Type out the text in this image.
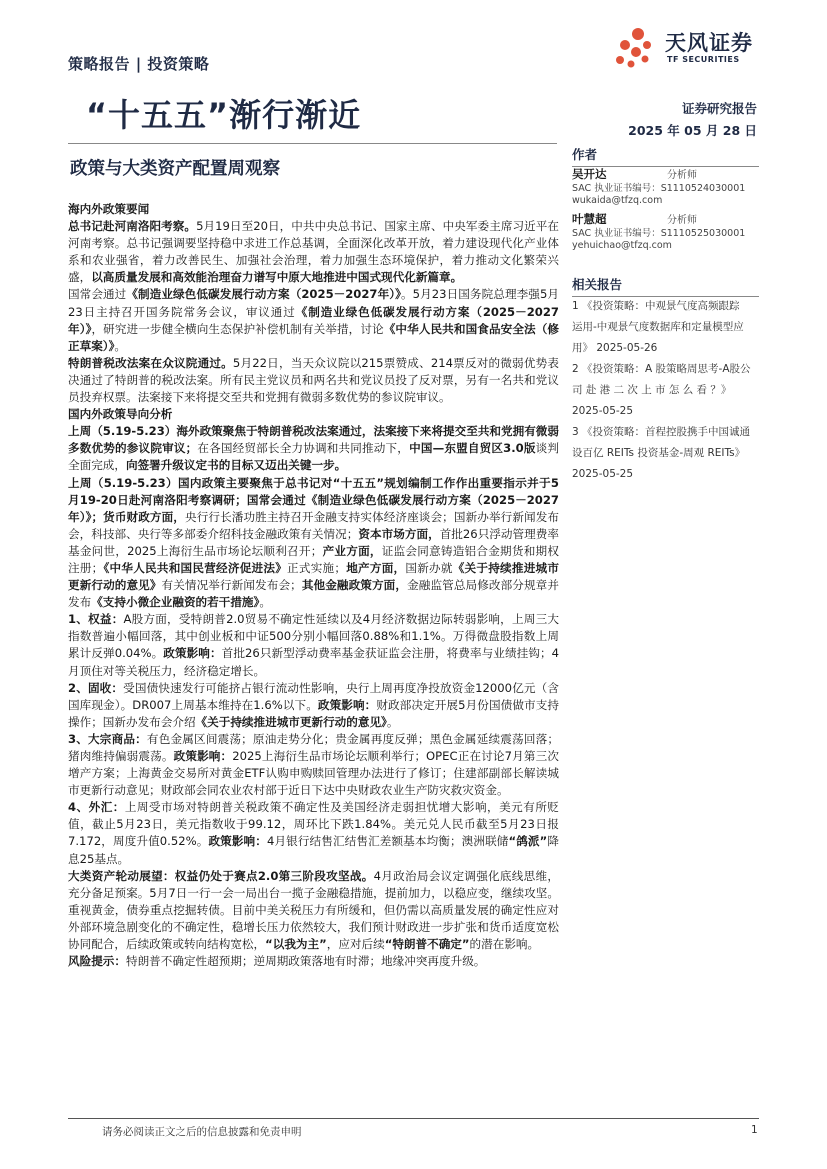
策略报告 | 投资策略
天风证券
TF SECURITIES
“十五五”渐行渐近	证券研究报告
2025 年 05 月 28 日
政策与大类资产配置周观察
作者
吴开达	分析师
SAC 执业证书编号：S1110524030001
wukaida@tfzq.com
叶慧超	分析师
SAC 执业证书编号：S1110525030001
yehuichao@tfzq.com
相关报告
1 《投资策略：中观景气度高频跟踪
运用-中观景气度数据库和定量模型应
用》 2025-05-26
2 《投资策略：A 股策略周思考-A股公
司 赴 港 二 次 上 市 怎 么 看 ？》
2025-05-25
3 《投资策略：首程控股携手中国诚通
设百亿 REITs 投资基金-周观 REITs》
2025-05-25

海内外政策要闻

总书记赴河南洛阳考察。5月19日至20日，中共中央总书记、国家主席、中央军委主席习近平在河南考察。总书记强调要坚持稳中求进工作总基调，全面深化改革开放，着力建设现代化产业体系和农业强省，着力改善民生、加强社会治理，着力加强生态环境保护，着力推动文化繁荣兴盛，以高质量发展和高效能治理奋力谱写中原大地推进中国式现代化新篇章。

国常会通过《制造业绿色低碳发展行动方案（2025－2027年）》。5月23日国务院总理李强5月23日主持召开国务院常务会议，审议通过《制造业绿色低碳发展行动方案（2025－2027年）》，研究进一步健全横向生态保护补偿机制有关举措，讨论《中华人民共和国食品安全法（修正草案）》。

特朗普税改法案在众议院通过。5月22日，当天众议院以215票赞成、214票反对的微弱优势表决通过了特朗普的税改法案。所有民主党议员和两名共和党议员投了反对票，另有一名共和党议员投弃权票。法案接下来将提交至共和党拥有微弱多数优势的参议院审议。

国内外政策导向分析

上周（5.19-5.23）海外政策聚焦于特朗普税改法案通过，法案接下来将提交至共和党拥有微弱多数优势的参议院审议；在各国经贸部长全力协调和共同推动下，中国—东盟自贸区3.0版谈判全面完成，向签署升级议定书的目标又迈出关键一步。

上周（5.19-5.23）国内政策主要聚焦于总书记对“十五五”规划编制工作作出重要指示并于5月19-20日赴河南洛阳考察调研；国常会通过《制造业绿色低碳发展行动方案（2025－2027年）》；货币财政方面，央行行长潘功胜主持召开金融支持实体经济座谈会；国新办举行新闻发布会，科技部、央行等多部委介绍科技金融政策有关情况；资本市场方面，首批26只浮动管理费率基金问世，2025上海衍生品市场论坛顺利召开；产业方面，证监会同意铸造铝合金期货和期权注册；《中华人民共和国民营经济促进法》正式实施；地产方面，国新办就《关于持续推进城市更新行动的意见》有关情况举行新闻发布会；其他金融政策方面，金融监管总局修改部分规章并发布《支持小微企业融资的若干措施》。

1、权益：A股方面，受特朗普2.0贸易不确定性延续以及4月经济数据边际转弱影响，上周三大指数普遍小幅回落，其中创业板和中证500分别小幅回落0.88%和1.1%。万得微盘股指数上周累计反弹0.04%。政策影响：首批26只新型浮动费率基金获证监会注册，将费率与业绩挂钩；4月顶住对等关税压力，经济稳定增长。

2、固收：受国债快速发行可能挤占银行流动性影响，央行上周再度净投放资金12000亿元（含国库现金）。DR007上周基本维持在1.6%以下。政策影响：财政部决定开展5月份国债做市支持操作；国新办发布会介绍《关于持续推进城市更新行动的意见》。

3、大宗商品：有色金属区间震荡；原油走势分化；贵金属再度反弹；黑色金属延续震荡回落；猪肉维持偏弱震荡。政策影响：2025上海衍生品市场论坛顺利举行；OPEC正在讨论7月第三次增产方案；上海黄金交易所对黄金ETF认购申购赎回管理办法进行了修订；住建部副部长解读城市更新行动意见；财政部会同农业农村部于近日下达中央财政农业生产防灾救灾资金。

4、外汇：上周受市场对特朗普关税政策不确定性及美国经济走弱担忧增大影响，美元有所贬值，截止5月23日，美元指数收于99.12，周环比下跌1.84%。美元兑人民币截至5月23日报7.172，周度升值0.52%。政策影响：4月银行结售汇结售汇差额基本均衡；澳洲联储“鸽派”降息25基点。

大类资产轮动展望：权益仍处于赛点2.0第三阶段攻坚战。4月政治局会议定调强化底线思维，充分备足预案。5月7日一行一会一局出台一揽子金融稳措施，提前加力，以稳应变，继续攻坚。重视黄金，债券重点挖掘转债。目前中美关税压力有所缓和，但仍需以高质量发展的确定性应对外部环境急剧变化的不确定性，稳增长压力依然较大，我们预计财政进一步扩张和货币适度宽松协同配合，后续政策或转向结构宽松，“以我为主”，应对后续“特朗普不确定”的潜在影响。

风险提示：特朗普不确定性超预期；逆周期政策落地有时滞；地缘冲突再度升级。

请务必阅读正文之后的信息披露和免责申明	1
